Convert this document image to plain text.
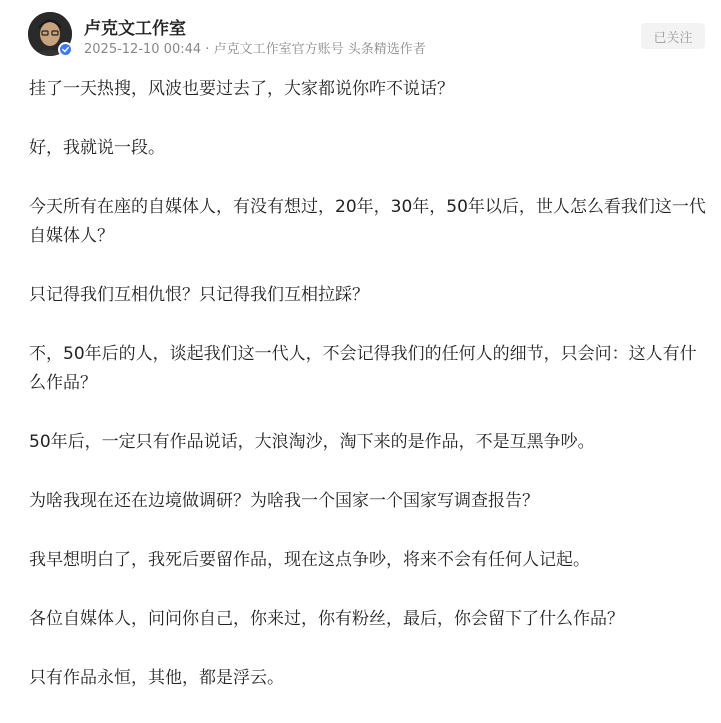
卢克文工作室
2025-12-10 00:44 · 卢克文工作室官方账号 头条精选作者
已关注

挂了一天热搜，风波也要过去了，大家都说你咋不说话？

好，我就说一段。

今天所有在座的自媒体人，有没有想过，20年，30年，50年以后，世人怎么看我们这一代自媒体人？

只记得我们互相仇恨？只记得我们互相拉踩？

不，50年后的人，谈起我们这一代人，不会记得我们的任何人的细节，只会问：这人有什么作品？

50年后，一定只有作品说话，大浪淘沙，淘下来的是作品，不是互黑争吵。

为啥我现在还在边境做调研？为啥我一个国家一个国家写调查报告？

我早想明白了，我死后要留作品，现在这点争吵，将来不会有任何人记起。

各位自媒体人，问问你自己，你来过，你有粉丝，最后，你会留下了什么作品？

只有作品永恒，其他，都是浮云。
